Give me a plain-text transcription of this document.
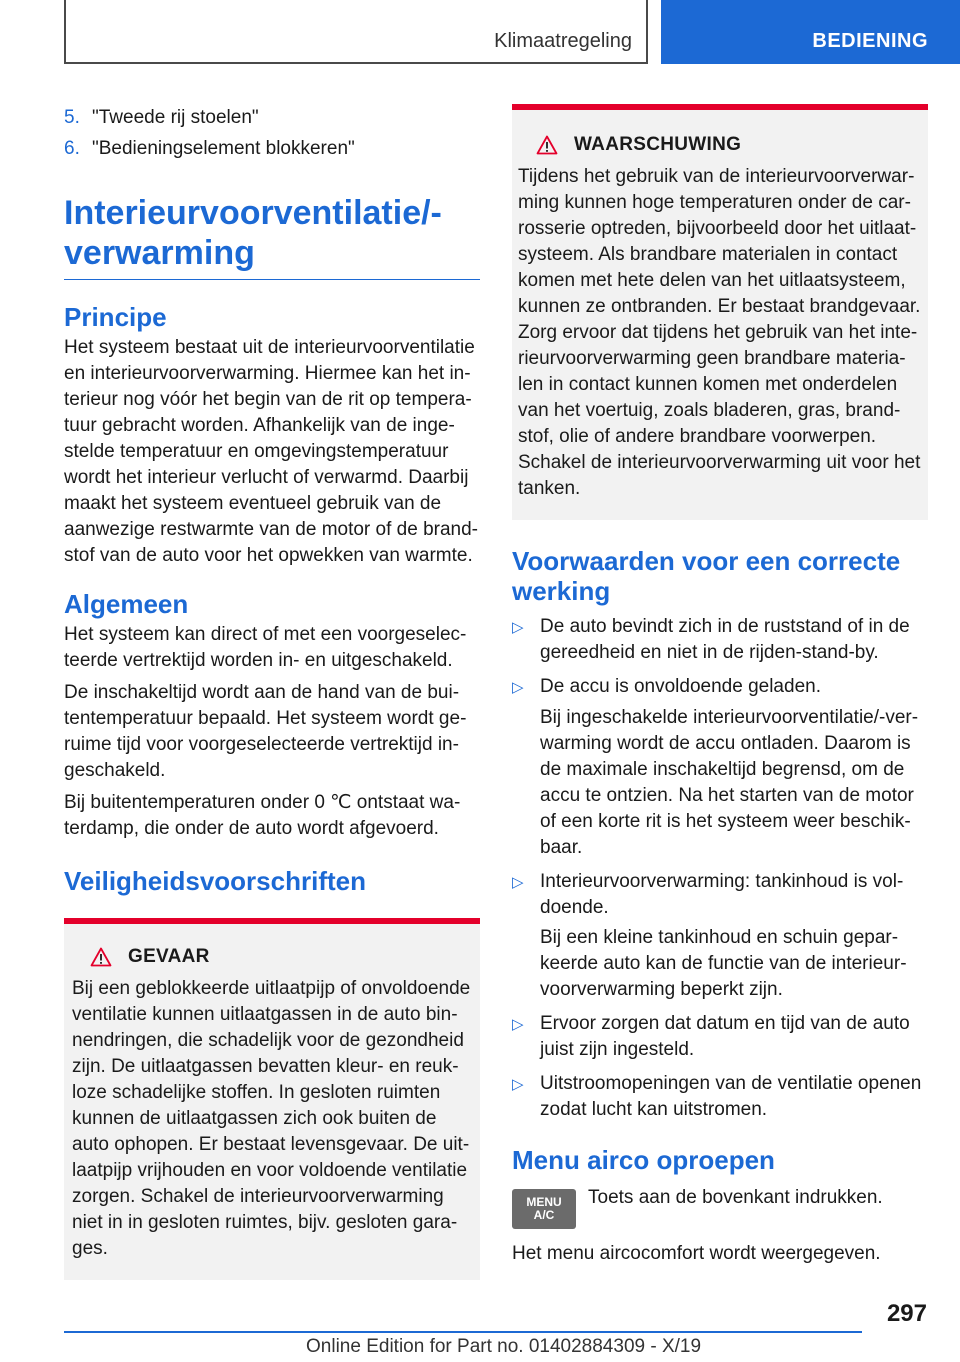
Klimaatregeling	BEDIENING
5. "Tweede rij stoelen"
6. "Bedieningselement blokkeren"
Interieurvoorventilatie/-verwarming
Principe

Het systeem bestaat uit de interieurvoorventilatie en interieurvoorverwarming. Hiermee kan het interieur nog vóór het begin van de rit op temperatuur gebracht worden. Afhankelijk van de ingestelde temperatuur en omgevingstemperatuur wordt het interieur verlucht of verwarmd. Daarbij maakt het systeem eventueel gebruik van de aanwezige restwarmte van de motor of de brandstof van de auto voor het opwekken van warmte.

Algemeen

Het systeem kan direct of met een voorgeselecteerde vertrektijd worden in- en uitgeschakeld.

De inschakeltijd wordt aan de hand van de buitentemperatuur bepaald. Het systeem wordt geruime tijd voor voorgeselecteerde vertrektijd ingeschakeld.

Bij buitentemperaturen onder 0 ℃ ontstaat waterdamp, die onder de auto wordt afgevoerd.

Veiligheidsvoorschriften
GEVAAR

Bij een geblokkeerde uitlaatpijp of onvoldoende ventilatie kunnen uitlaatgassen in de auto binnendringen, die schadelijk voor de gezondheid zijn. De uitlaatgassen bevatten kleur- en reukloze schadelijke stoffen. In gesloten ruimten kunnen de uitlaatgassen zich ook buiten de auto ophopen. Er bestaat levensgevaar. De uitlaatpijp vrijhouden en voor voldoende ventilatie zorgen. Schakel de interieurvoorverwarming niet in in gesloten ruimtes, bijv. gesloten garages.

WAARSCHUWING

Tijdens het gebruik van de interieurvoorverwarming kunnen hoge temperaturen onder de carrosserie optreden, bijvoorbeeld door het uitlaatsysteem. Als brandbare materialen in contact komen met hete delen van het uitlaatsysteem, kunnen ze ontbranden. Er bestaat brandgevaar. Zorg ervoor dat tijdens het gebruik van het interieurvoorverwarming geen brandbare materialen in contact kunnen komen met onderdelen van het voertuig, zoals bladeren, gras, brandstof, olie of andere brandbare voorwerpen. Schakel de interieurvoorverwarming uit voor het tanken.

Voorwaarden voor een correcte werking
▷ De auto bevindt zich in de ruststand of in de gereedheid en niet in de rijden-stand-by.
▷ De accu is onvoldoende geladen.

Bij ingeschakelde interieurvoorventilatie/-verwarming wordt de accu ontladen. Daarom is de maximale inschakeltijd begrensd, om de accu te ontzien. Na het starten van de motor of een korte rit is het systeem weer beschikbaar.

▷ Interieurvoorverwarming: tankinhoud is voldoende.

Bij een kleine tankinhoud en schuin geparkeerde auto kan de functie van de interieurvoorverwarming beperkt zijn.

▷ Ervoor zorgen dat datum en tijd van de auto juist zijn ingesteld.
▷ Uitstroomopeningen van de ventilatie openen zodat lucht kan uitstromen.
Menu airco oproepen
MENU
A/C

Toets aan de bovenkant indrukken.

Het menu aircocomfort wordt weergegeven.

297
Online Edition for Part no. 01402884309 - X/19
